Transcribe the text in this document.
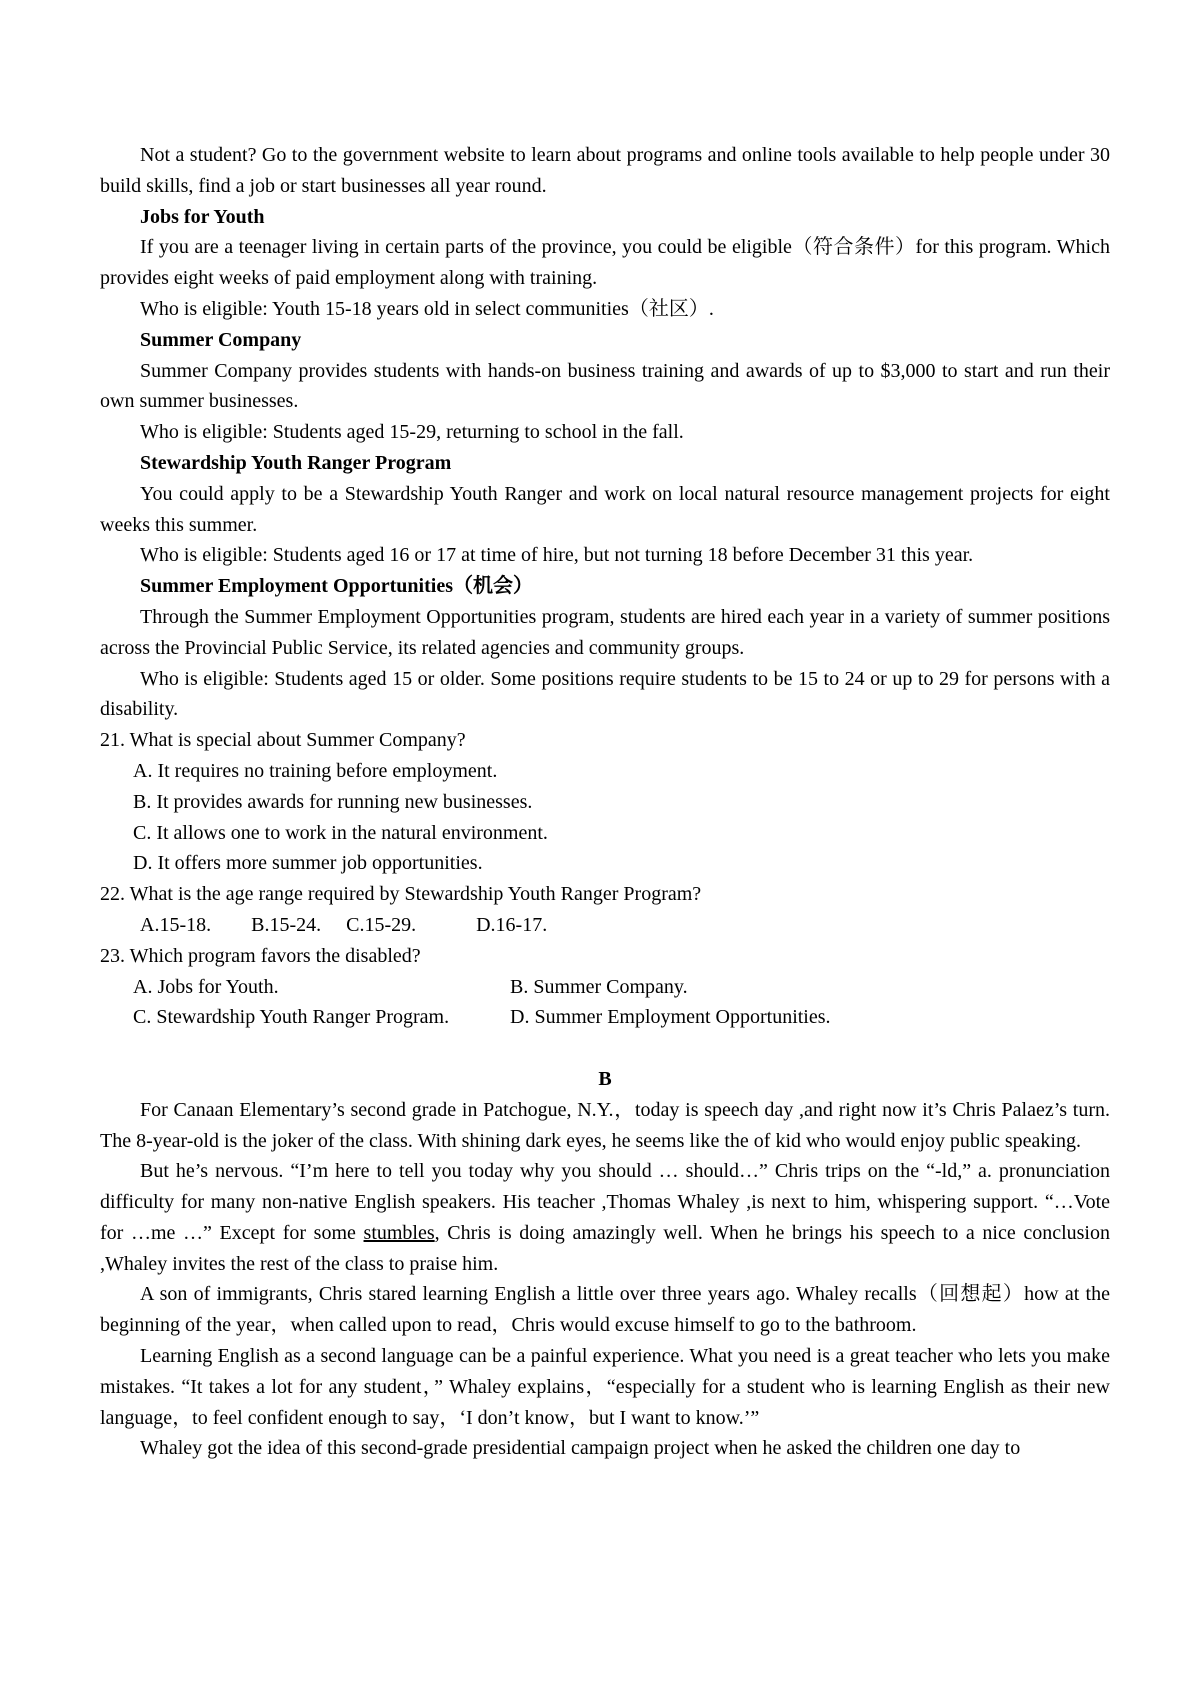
Not a student? Go to the government website to learn about programs and online tools available to help people under 30 build skills, find a job or start businesses all year round.

Jobs for Youth

If you are a teenager living in certain parts of the province, you could be eligible（符合条件）for this program. Which provides eight weeks of paid employment along with training.

Who is eligible: Youth 15-18 years old in select communities（社区）.

Summer Company

Summer Company provides students with hands-on business training and awards of up to $3,000 to start and run their own summer businesses.

Who is eligible: Students aged 15-29, returning to school in the fall.

Stewardship Youth Ranger Program

You could apply to be a Stewardship Youth Ranger and work on local natural resource management projects for eight weeks this summer.

Who is eligible: Students aged 16 or 17 at time of hire, but not turning 18 before December 31 this year.

Summer Employment Opportunities（机会）

Through the Summer Employment Opportunities program, students are hired each year in a variety of summer positions across the Provincial Public Service, its related agencies and community groups.

Who is eligible: Students aged 15 or older. Some positions require students to be 15 to 24 or up to 29 for persons with a disability.

21. What is special about Summer Company?

A. It requires no training before employment.

B. It provides awards for running new businesses.

C. It allows one to work in the natural environment.

D. It offers more summer job opportunities.

22. What is the age range required by Stewardship Youth Ranger Program?

A.15-18.        B.15-24.     C.15-29.            D.16-17.

23. Which program favors the disabled?

A. Jobs for Youth.	B. Summer Company.

C. Stewardship Youth Ranger Program.	D. Summer Employment Opportunities.

B

For Canaan Elementary’s second grade in Patchogue, N.Y.，today is speech day ,and right now it’s Chris Palaez’s turn. The 8-year-old is the joker of the class. With shining dark eyes, he seems like the of kid who would enjoy public speaking.

But he’s nervous. “I’m here to tell you today why you should … should…” Chris trips on the “-ld,” a. pronunciation difficulty for many non-native English speakers. His teacher ,Thomas Whaley ,is next to him, whispering support. “…Vote for …me …” Except for some stumbles, Chris is doing amazingly well. When he brings his speech to a nice conclusion ,Whaley invites the rest of the class to praise him.

A son of immigrants, Chris stared learning English a little over three years ago. Whaley recalls（回想起）how at the beginning of the year，when called upon to read，Chris would excuse himself to go to the bathroom.

Learning English as a second language can be a painful experience. What you need is a great teacher who lets you make mistakes. “It takes a lot for any student，” Whaley explains，“especially for a student who is learning English as their new language，to feel confident enough to say，‘I don’t know，but I want to know.’”

Whaley got the idea of this second-grade presidential campaign project when he asked the children one day to
